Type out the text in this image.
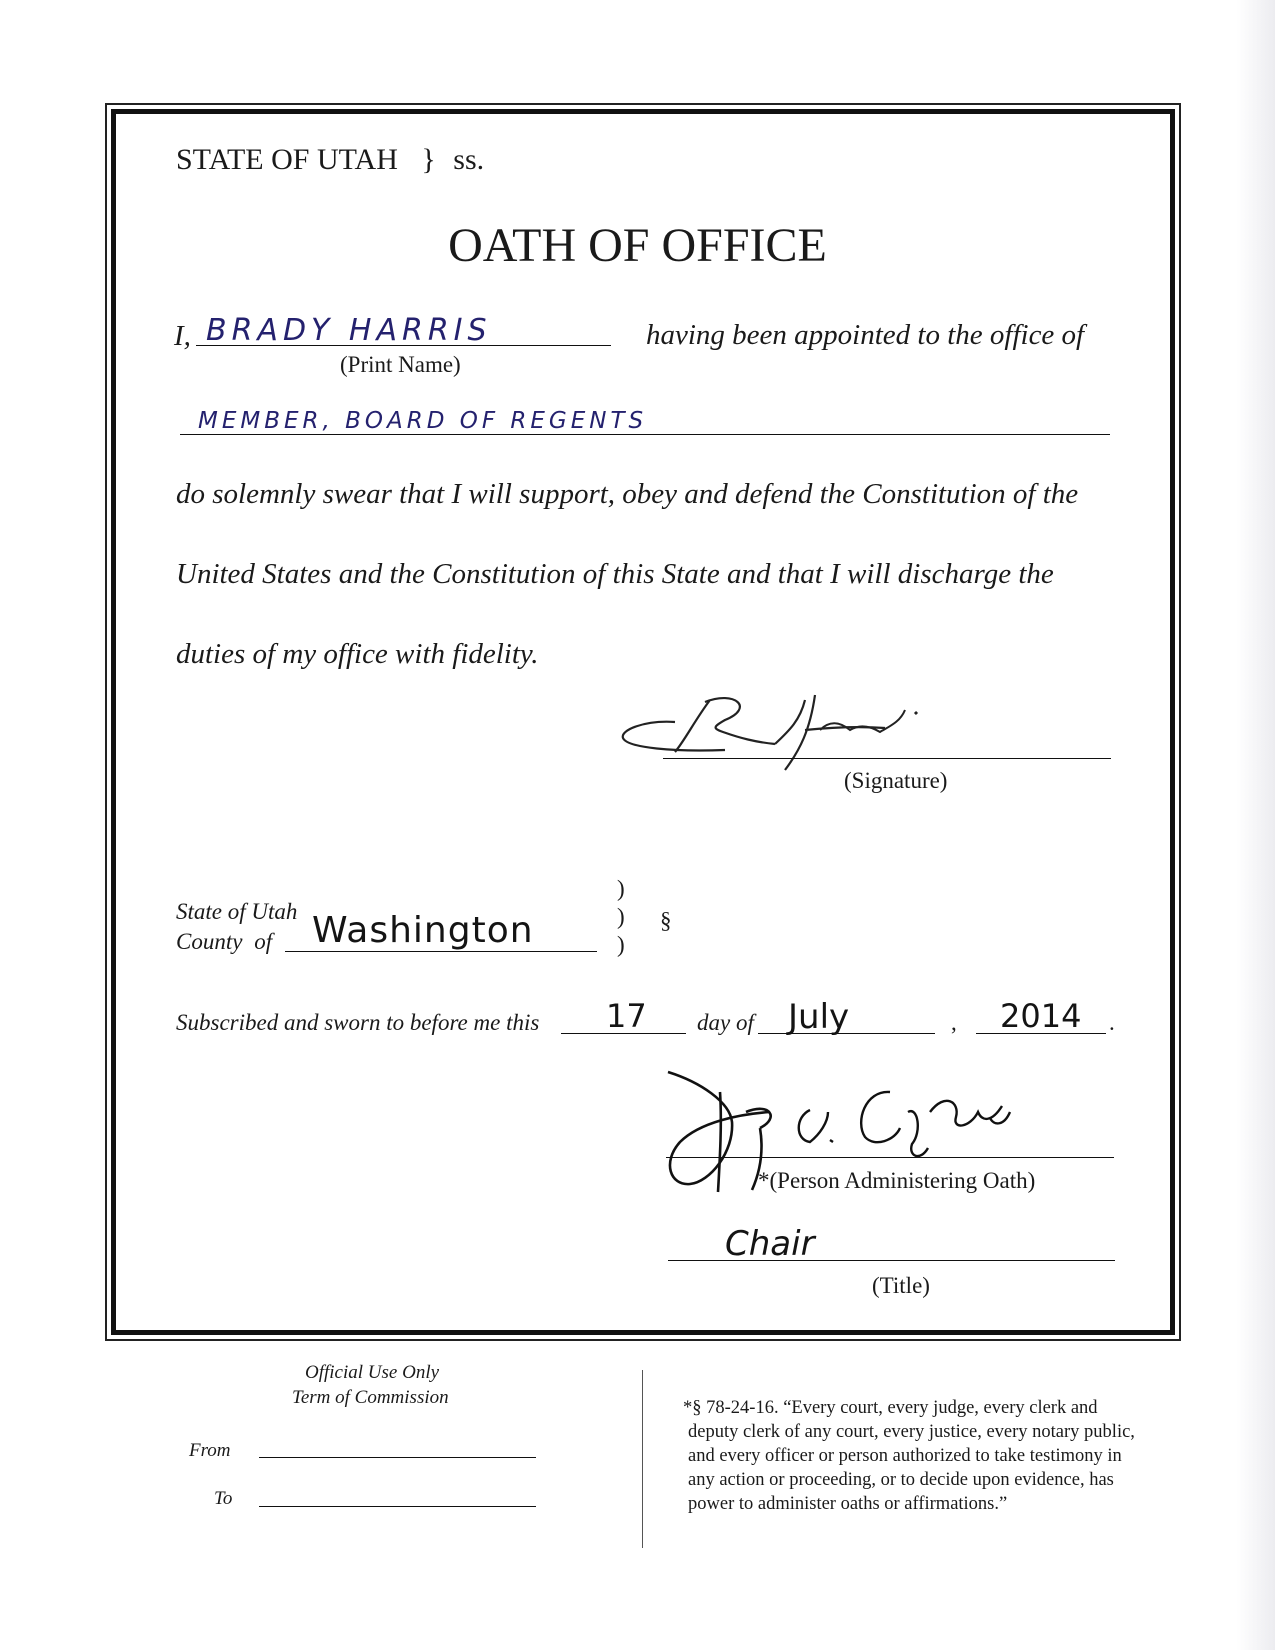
STATE OF UTAH } ss.
OATH OF OFFICE
I, BRADY HARRIS
(Print Name)
having been appointed to the office of
MEMBER, BOARD OF REGENTS
do solemnly swear that I will support, obey and defend the Constitution of the
United States and the Constitution of this State and that I will discharge the
duties of my office with fidelity.
(Signature)
State of Utah
County of Washington
)
)
)
§
Subscribed and sworn to before me this 17 day of July	, 2014 .
*(Person Administering Oath)
Chair
(Title)
Official Use Only
Term of Commission
From
To
*§ 78-24-16. “Every court, every judge, every clerk and
deputy clerk of any court, every justice, every notary public,
and every officer or person authorized to take testimony in
any action or proceeding, or to decide upon evidence, has
power to administer oaths or affirmations.”
